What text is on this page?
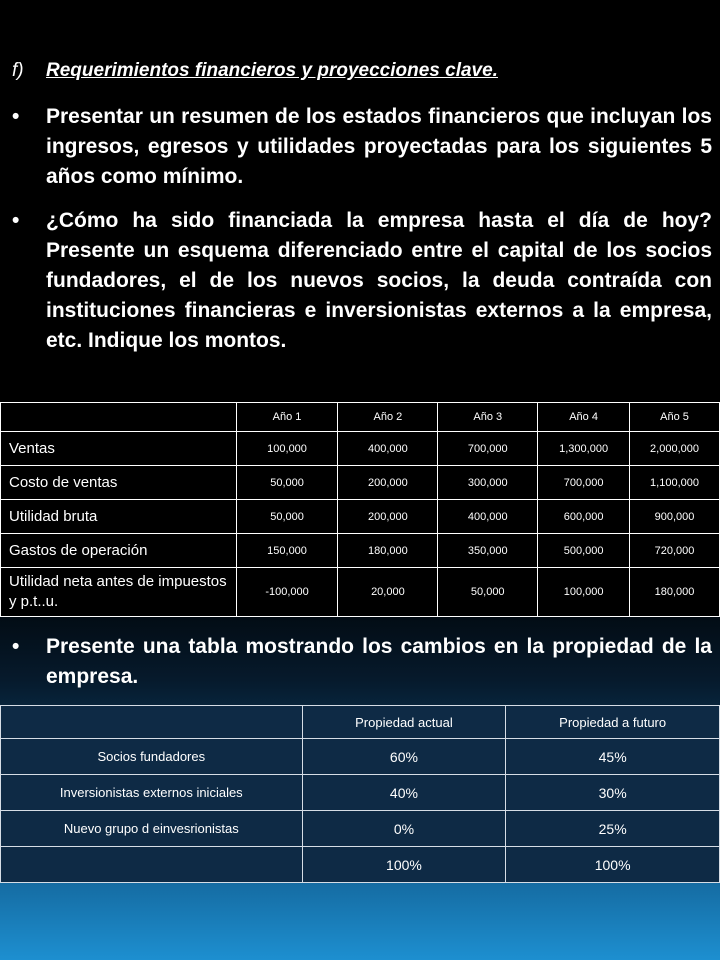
f) Requerimientos financieros y proyecciones clave.
•	Presentar un resumen de los estados financieros que incluyan los ingresos, egresos y utilidades proyectadas para los siguientes 5 años como mínimo.
•	¿Cómo ha sido financiada la empresa hasta el día de hoy? Presente un esquema diferenciado entre el capital de los socios fundadores, el de los nuevos socios, la deuda contraída con instituciones financieras e inversionistas externos a la empresa, etc. Indique los montos.
	Año 1	Año 2	Año 3	Año 4	Año 5
Ventas	100,000	400,000	700,000	1,300,000	2,000,000
Costo de ventas	50,000	200,000	300,000	700,000	1,100,000
Utilidad bruta	50,000	200,000	400,000	600,000	900,000
Gastos de operación	150,000	180,000	350,000	500,000	720,000
Utilidad neta antes de impuestos y p.t..u.	-100,000	20,000	50,000	100,000	180,000
•	Presente una tabla mostrando los cambios en la propiedad de la empresa.
	Propiedad actual	Propiedad a futuro
Socios fundadores	60%	45%
Inversionistas externos iniciales	40%	30%
Nuevo grupo d einvesrionistas	0%	25%
	100%	100%
